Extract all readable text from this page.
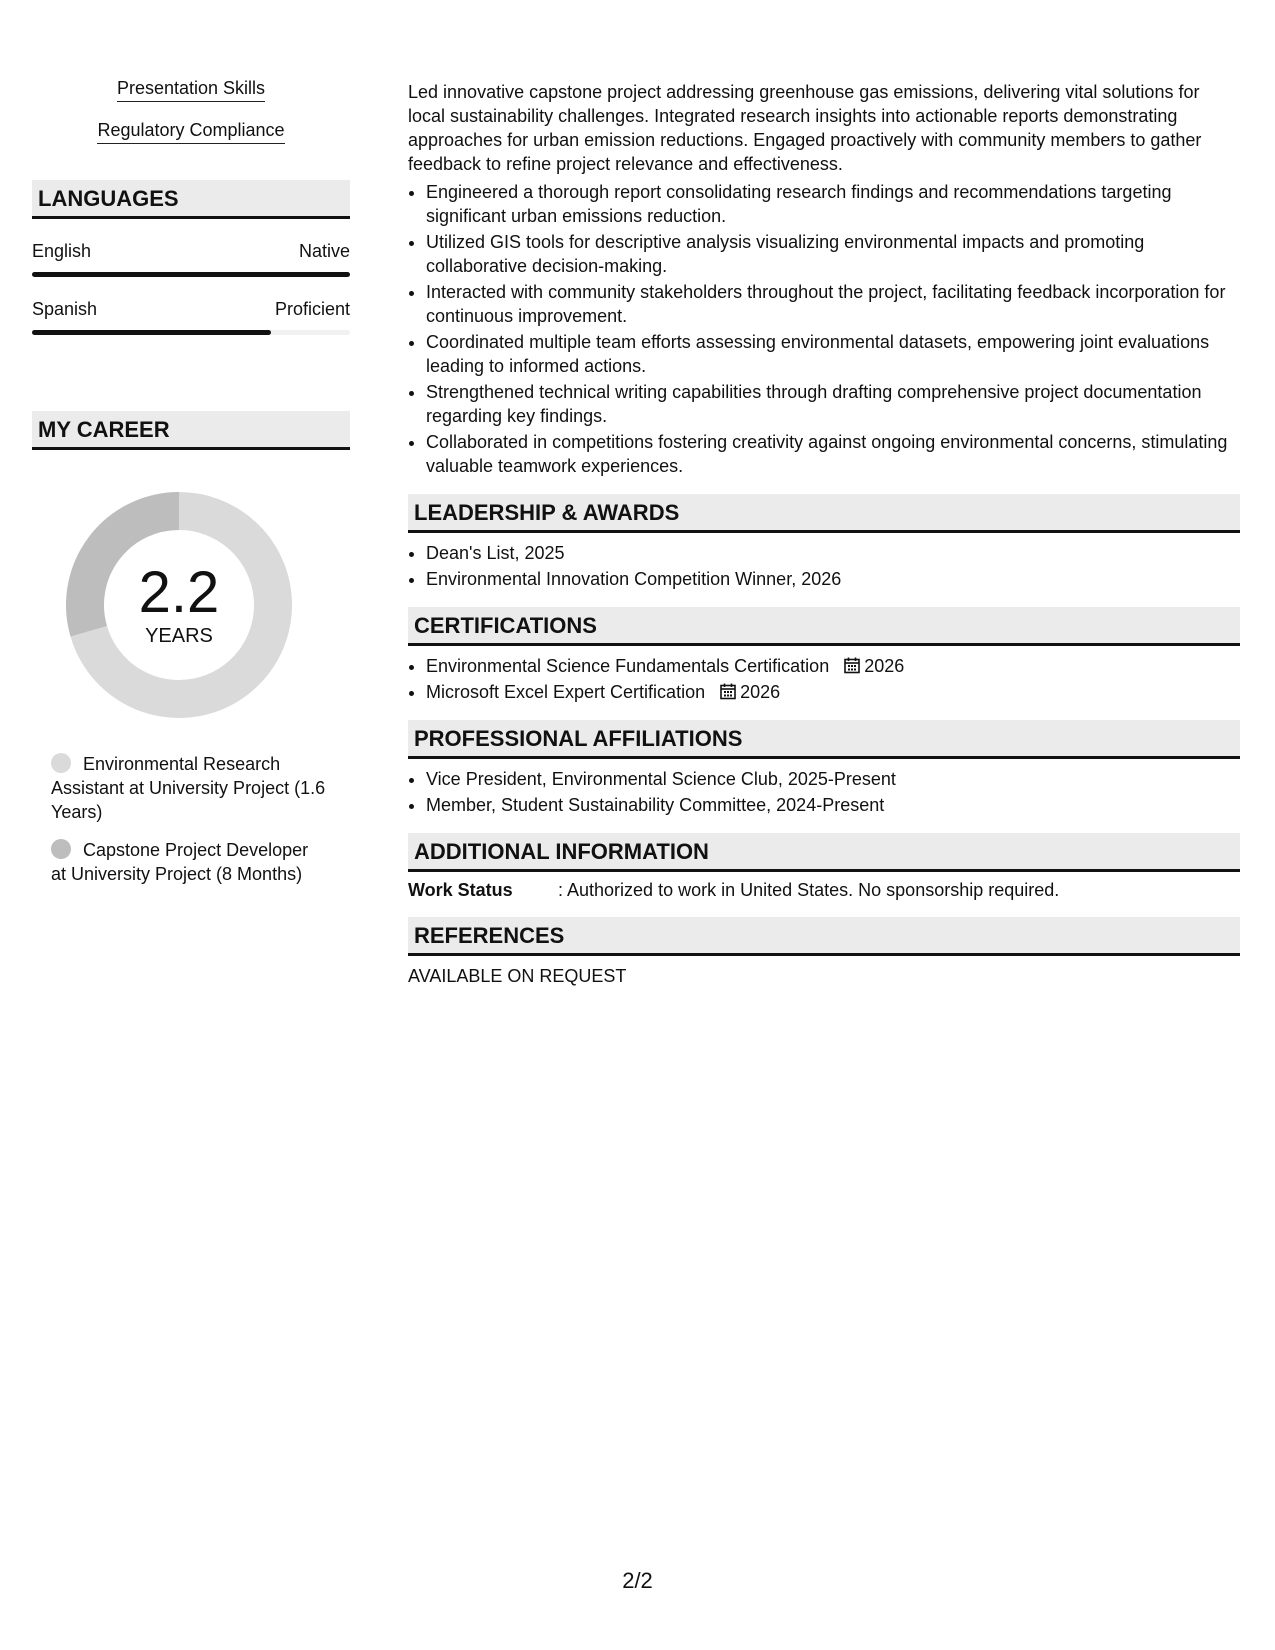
Presentation Skills
Regulatory Compliance
LANGUAGES
English	Native
Spanish	Proficient
MY CAREER
2.2
YEARS
Environmental Research Assistant at University Project (1.6 Years)
Capstone Project Developer at University Project (8 Months)
Led innovative capstone project addressing greenhouse gas emissions, delivering vital solutions for local sustainability challenges. Integrated research insights into actionable reports demonstrating approaches for urban emission reductions. Engaged proactively with community members to gather feedback to refine project relevance and effectiveness.
• Engineered a thorough report consolidating research findings and recommendations targeting significant urban emissions reduction.
• Utilized GIS tools for descriptive analysis visualizing environmental impacts and promoting collaborative decision-making.
• Interacted with community stakeholders throughout the project, facilitating feedback incorporation for continuous improvement.
• Coordinated multiple team efforts assessing environmental datasets, empowering joint evaluations leading to informed actions.
• Strengthened technical writing capabilities through drafting comprehensive project documentation regarding key findings.
• Collaborated in competitions fostering creativity against ongoing environmental concerns, stimulating valuable teamwork experiences.
LEADERSHIP & AWARDS
• Dean's List, 2025
• Environmental Innovation Competition Winner, 2026
CERTIFICATIONS
• Environmental Science Fundamentals Certification 2026
• Microsoft Excel Expert Certification 2026
PROFESSIONAL AFFILIATIONS
• Vice President, Environmental Science Club, 2025-Present
• Member, Student Sustainability Committee, 2024-Present
ADDITIONAL INFORMATION
Work Status	: Authorized to work in United States. No sponsorship required.
REFERENCES
AVAILABLE ON REQUEST
2/2
